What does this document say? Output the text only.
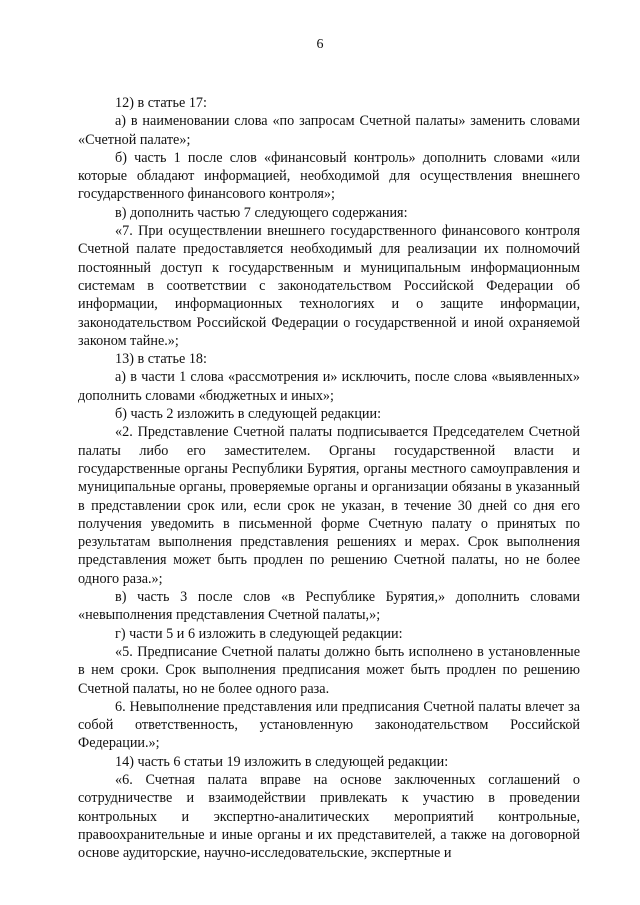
6

12) в статье 17:

а) в наименовании слова «по запросам Счетной палаты» заменить словами «Счетной палате»;

б) часть 1 после слов «финансовый контроль» дополнить словами «или которые обладают информацией, необходимой для осуществления внешнего государственного финансового контроля»;

в) дополнить частью 7 следующего содержания:

«7. При осуществлении внешнего государственного финансового контроля Счетной палате предоставляется необходимый для реализации их полномочий постоянный доступ к государственным и муниципальным информационным системам в соответствии с законодательством Российской Федерации об информации, информационных технологиях и о защите информации, законодательством Российской Федерации о государственной и иной охраняемой законом тайне.»;

13) в статье 18:

а) в части 1 слова «рассмотрения и» исключить, после слова «выявленных» дополнить словами «бюджетных и иных»;

б) часть 2 изложить в следующей редакции:

«2. Представление Счетной палаты подписывается Председателем Счетной палаты либо его заместителем. Органы государственной власти и государственные органы Республики Бурятия, органы местного самоуправления и муниципальные органы, проверяемые органы и организации обязаны в указанный в представлении срок или, если срок не указан, в течение 30 дней со дня его получения уведомить в письменной форме Счетную палату о принятых по результатам выполнения представления решениях и мерах. Срок выполнения представления может быть продлен по решению Счетной палаты, но не более одного раза.»;

в) часть 3 после слов «в Республике Бурятия,» дополнить словами «невыполнения представления Счетной палаты,»;

г) части 5 и 6 изложить в следующей редакции:

«5. Предписание Счетной палаты должно быть исполнено в установленные в нем сроки. Срок выполнения предписания может быть продлен по решению Счетной палаты, но не более одного раза.

6. Невыполнение представления или предписания Счетной палаты влечет за собой ответственность, установленную законодательством Российской Федерации.»;

14) часть 6 статьи 19 изложить в следующей редакции:

«6. Счетная палата вправе на основе заключенных соглашений о сотрудничестве и взаимодействии привлекать к участию в проведении контрольных и экспертно-аналитических мероприятий контрольные, правоохранительные и иные органы и их представителей, а также на договорной основе аудиторские, научно-исследовательские, экспертные и
